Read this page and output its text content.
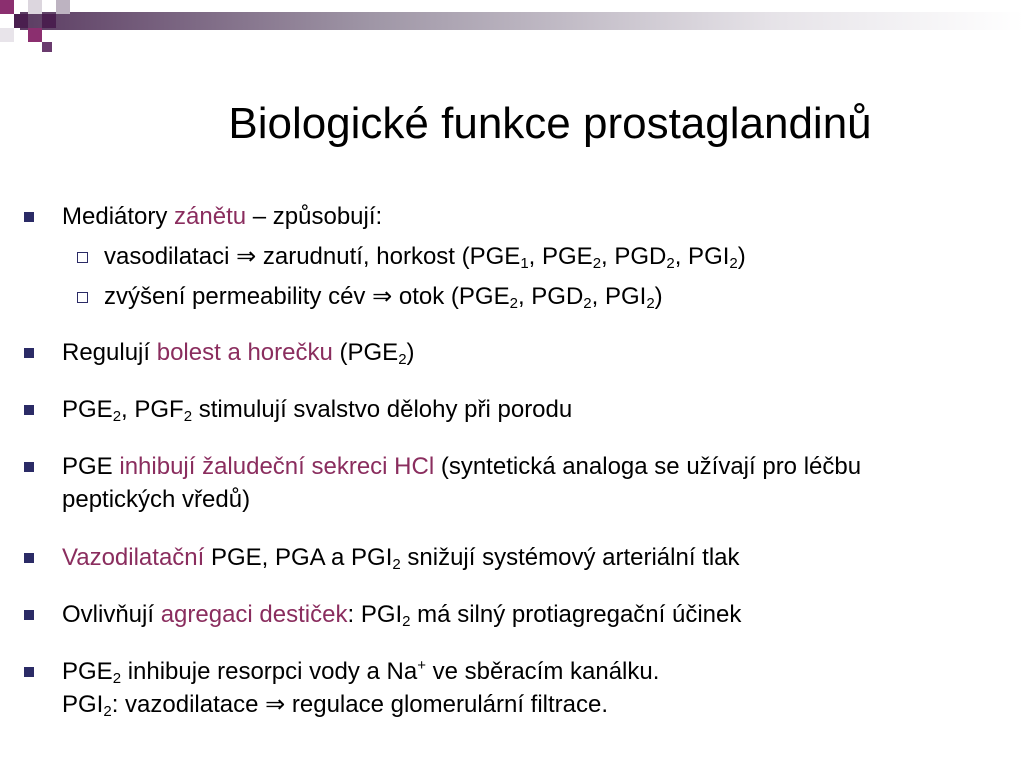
Biologické funkce prostaglandinů
Mediátory zánětu – způsobují:
vasodilataci ⇒ zarudnutí, horkost ($PGE_1$, $PGE_2$, $PGD_2$, $PGI_2$)
zvýšení permeability cév ⇒ otok ($PGE_2$, $PGD_2$, $PGI_2$)
Regulují bolest a horečku $(PGE_2)$
$PGE_2$, $PGF_2$ stimulují svalstvo dělohy při porodu
PGE inhibují žaludeční sekreci HCl (syntetická analoga se užívají pro léčbu
peptických vředů)
Vazodilatační PGE, PGA a $PGI_2$ snižují systémový arteriální tlak
Ovlivňují agregaci destiček: $PGI_2$ má silný protiagregační účinek
$PGE_2$ inhibuje resorpci vody a Na+ ve sběracím kanálku.
$PGI_2$: vazodilatace ⇒ regulace glomerulární filtrace.
